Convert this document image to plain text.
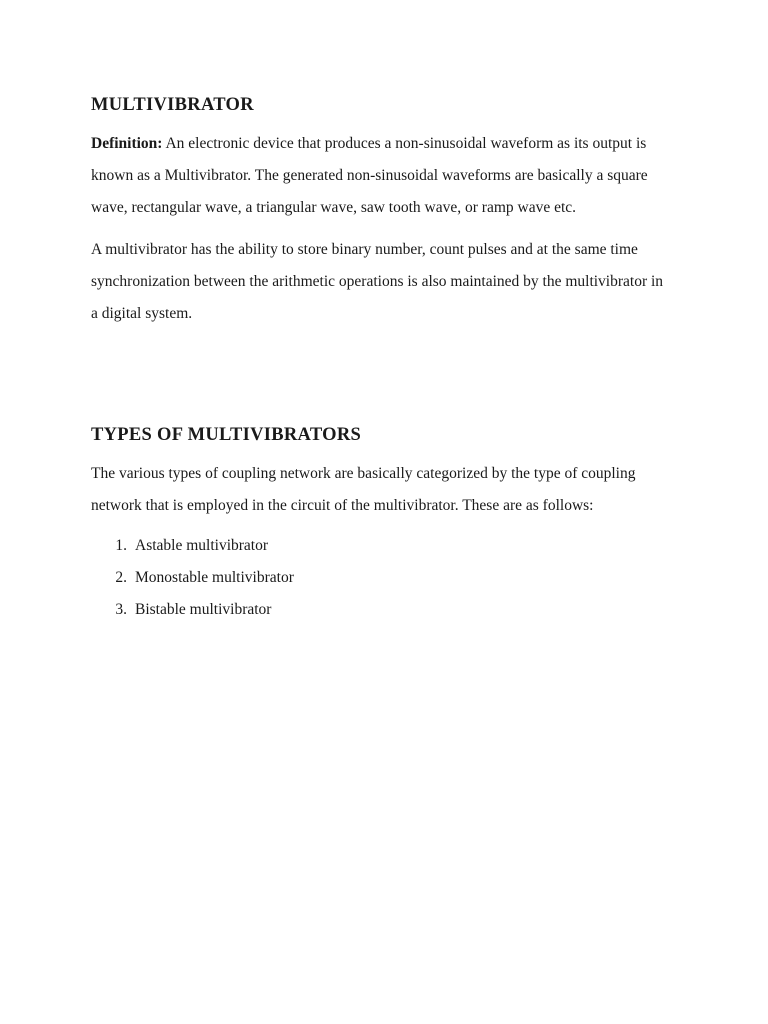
MULTIVIBRATOR

Definition: An electronic device that produces a non-sinusoidal waveform as its output is known as a Multivibrator. The generated non-sinusoidal waveforms are basically a square wave, rectangular wave, a triangular wave, saw tooth wave, or ramp wave etc.

A multivibrator has the ability to store binary number, count pulses and at the same time synchronization between the arithmetic operations is also maintained by the multivibrator in a digital system.

TYPES OF MULTIVIBRATORS

The various types of coupling network are basically categorized by the type of coupling network that is employed in the circuit of the multivibrator. These are as follows:

1. Astable multivibrator
2. Monostable multivibrator
3. Bistable multivibrator
